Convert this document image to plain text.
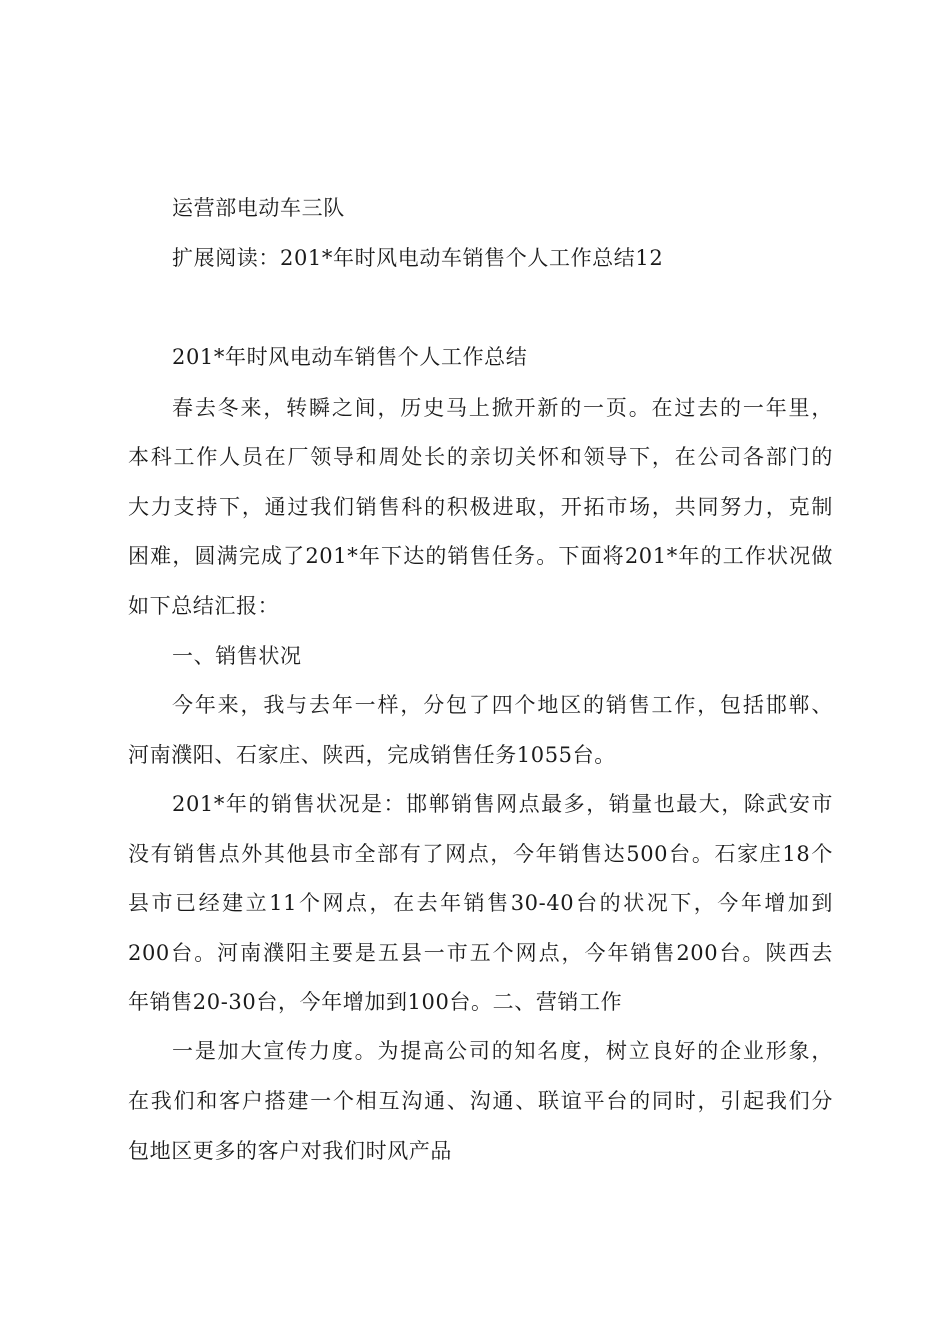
运营部电动车三队
扩展阅读：201*年时风电动车销售个人工作总结12
201*年时风电动车销售个人工作总结
春去冬来，转瞬之间，历史马上掀开新的一页。在过去的一年里，
本科工作人员在厂领导和周处长的亲切关怀和领导下，在公司各部门的
大力支持下，通过我们销售科的积极进取，开拓市场，共同努力，克制
困难，圆满完成了201*年下达的销售任务。下面将201*年的工作状况做
如下总结汇报：
一、销售状况
今年来，我与去年一样，分包了四个地区的销售工作，包括邯郸、
河南濮阳、石家庄、陕西，完成销售任务1055台。
201*年的销售状况是：邯郸销售网点最多，销量也最大，除武安市
没有销售点外其他县市全部有了网点，今年销售达500台。石家庄18个
县市已经建立11个网点，在去年销售30-40台的状况下，今年增加到
200台。河南濮阳主要是五县一市五个网点，今年销售200台。陕西去
年销售20-30台，今年增加到100台。二、营销工作
一是加大宣传力度。为提高公司的知名度，树立良好的企业形象，
在我们和客户搭建一个相互沟通、沟通、联谊平台的同时，引起我们分
包地区更多的客户对我们时风产品
